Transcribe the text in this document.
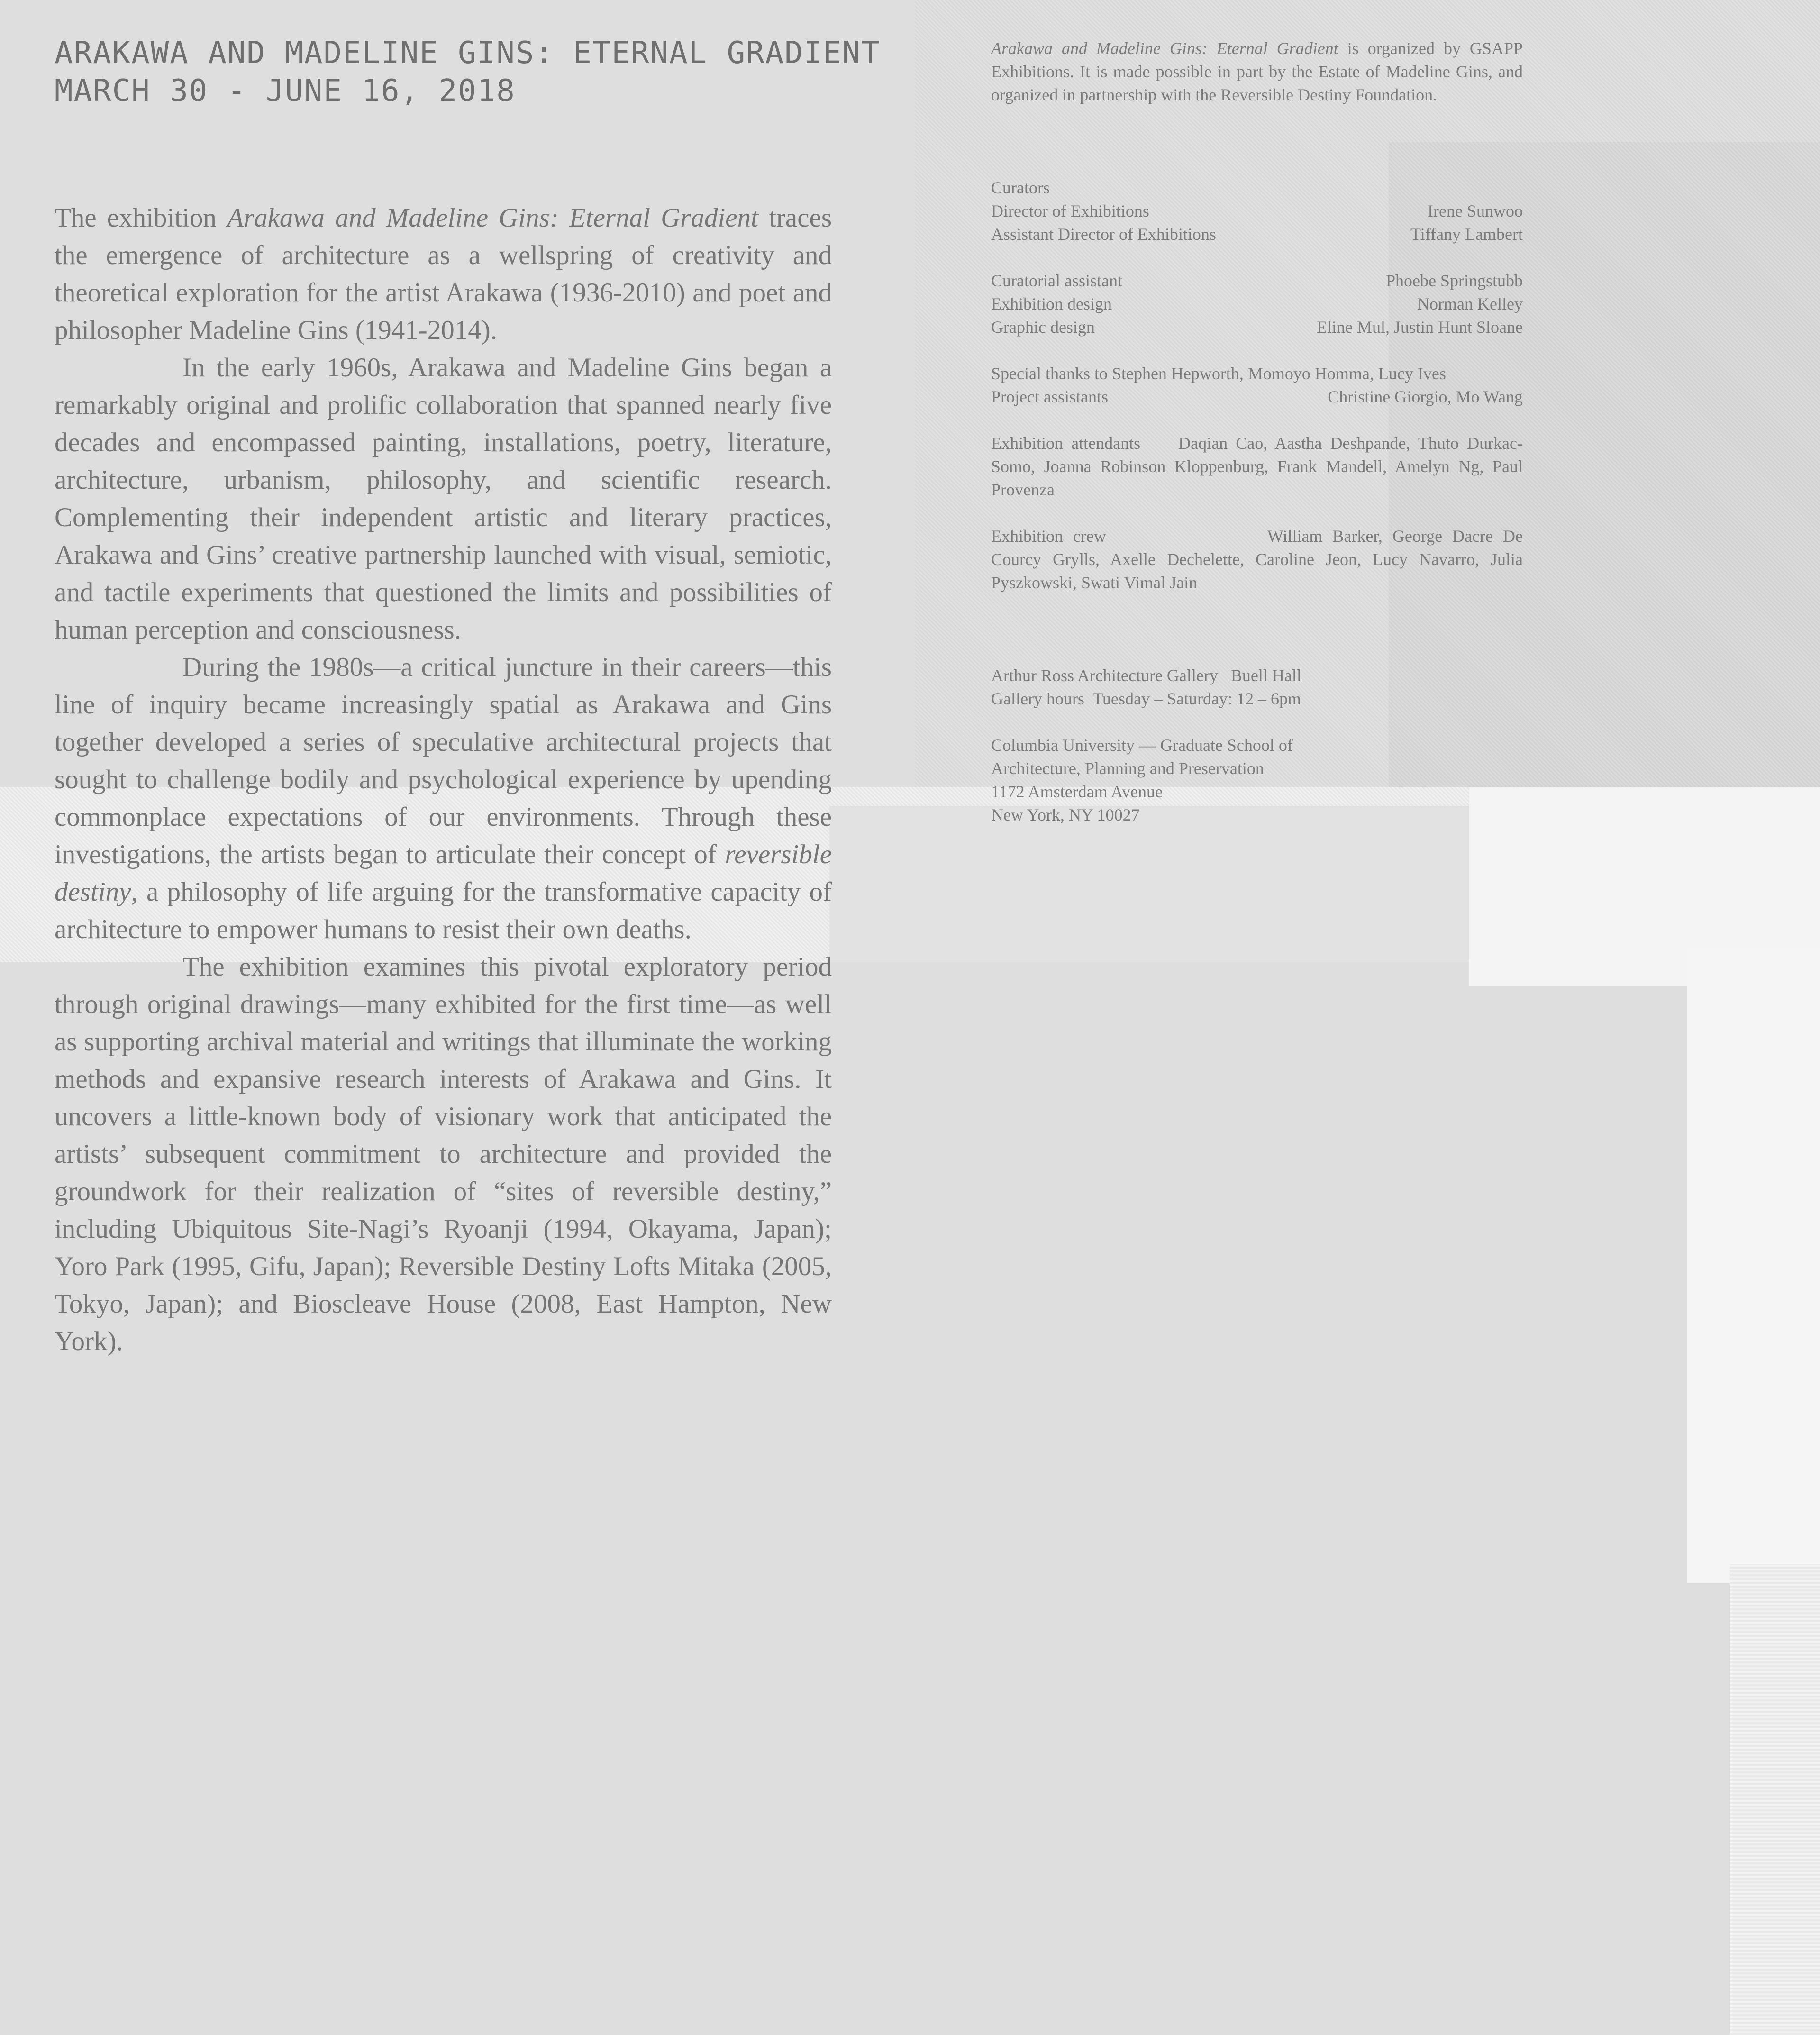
ARAKAWA AND MADELINE GINS: ETERNAL GRADIENT
MARCH 30 - JUNE 16, 2018

The exhibition Arakawa and Madeline Gins: Eternal Gradient traces the emergence of architecture as a wellspring of creativity and theoretical exploration for the artist Arakawa (1936-2010) and poet and philosopher Madeline Gins (1941-2014).

In the early 1960s, Arakawa and Madeline Gins began a remarkably original and prolific collaboration that spanned nearly five decades and encompassed painting, installations, poetry, literature, architecture, urbanism, philosophy, and scientific research. Complementing their independent artistic and literary practices, Arakawa and Gins’ creative partnership launched with visual, semiotic, and tactile experiments that questioned the limits and possibilities of human perception and consciousness.

During the 1980s—a critical juncture in their careers—this line of inquiry became increasingly spatial as Arakawa and Gins together developed a series of speculative architectural projects that sought to challenge bodily and psychological experience by upending commonplace expectations of our environments. Through these investigations, the artists began to articulate their concept of reversible destiny, a philosophy of life arguing for the transformative capacity of architecture to empower humans to resist their own deaths.

The exhibition examines this pivotal exploratory period through original drawings—many exhibited for the first time—as well as supporting archival material and writings that illuminate the working methods and expansive research interests of Arakawa and Gins. It uncovers a little-known body of visionary work that anticipated the artists’ subsequent commitment to architecture and provided the groundwork for their realization of “sites of reversible destiny,” including Ubiquitous Site-Nagi’s Ryoanji (1994, Okayama, Japan); Yoro Park (1995, Gifu, Japan); Reversible Destiny Lofts Mitaka (2005, Tokyo, Japan); and Bioscleave House (2008, East Hampton, New York).

Arakawa and Madeline Gins: Eternal Gradient is organized by GSAPP Exhibitions. It is made possible in part by the Estate of Madeline Gins, and organized in partnership with the Reversible Destiny Foundation.

Curators
Director of Exhibitions	Irene Sunwoo
Assistant Director of Exhibitions	Tiffany Lambert
Curatorial assistant	Phoebe Springstubb
Exhibition design	Norman Kelley
Graphic design	Eline Mul, Justin Hunt Sloane
Special thanks to Stephen Hepworth, Momoyo Homma, Lucy Ives
Project assistants	Christine Giorgio, Mo Wang

Exhibition attendants Daqian Cao, Aastha Deshpande, Thuto Durkac-Somo, Joanna Robinson Kloppenburg, Frank Mandell, Amelyn Ng, Paul Provenza

Exhibition crew	William Barker, George Dacre De Courcy Grylls, Axelle Dechelette, Caroline Jeon, Lucy Navarro, Julia Pyszkowski, Swati Vimal Jain

Arthur Ross Architecture Gallery   Buell Hall
Gallery hours  Tuesday – Saturday: 12 – 6pm
Columbia University — Graduate School of
Architecture, Planning and Preservation
1172 Amsterdam Avenue
New York, NY 10027
